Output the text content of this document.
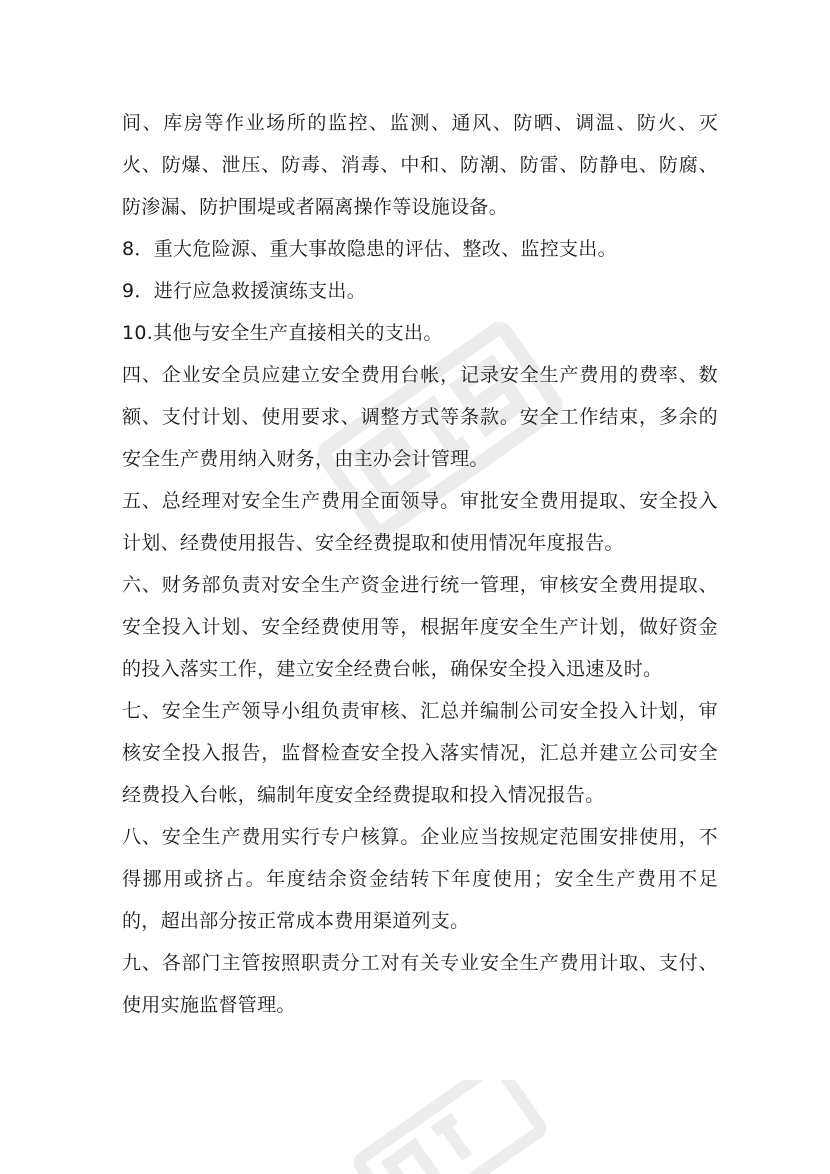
间、库房等作业场所的监控、监测、通风、防晒、调温、防火、灭火、防爆、泄压、防毒、消毒、中和、防潮、防雷、防静电、防腐、防渗漏、防护围堤或者隔离操作等设施设备。

8．重大危险源、重大事故隐患的评估、整改、监控支出。

9．进行应急救援演练支出。

10.其他与安全生产直接相关的支出。

四、企业安全员应建立安全费用台帐，记录安全生产费用的费率、数额、支付计划、使用要求、调整方式等条款。安全工作结束，多余的安全生产费用纳入财务，由主办会计管理。

五、总经理对安全生产费用全面领导。审批安全费用提取、安全投入计划、经费使用报告、安全经费提取和使用情况年度报告。

六、财务部负责对安全生产资金进行统一管理，审核安全费用提取、安全投入计划、安全经费使用等，根据年度安全生产计划，做好资金的投入落实工作，建立安全经费台帐，确保安全投入迅速及时。

七、安全生产领导小组负责审核、汇总并编制公司安全投入计划，审核安全投入报告，监督检查安全投入落实情况，汇总并建立公司安全经费投入台帐，编制年度安全经费提取和投入情况报告。

八、安全生产费用实行专户核算。企业应当按规定范围安排使用，不得挪用或挤占。年度结余资金结转下年度使用；安全生产费用不足的，超出部分按正常成本费用渠道列支。

九、各部门主管按照职责分工对有关专业安全生产费用计取、支付、使用实施监督管理。
